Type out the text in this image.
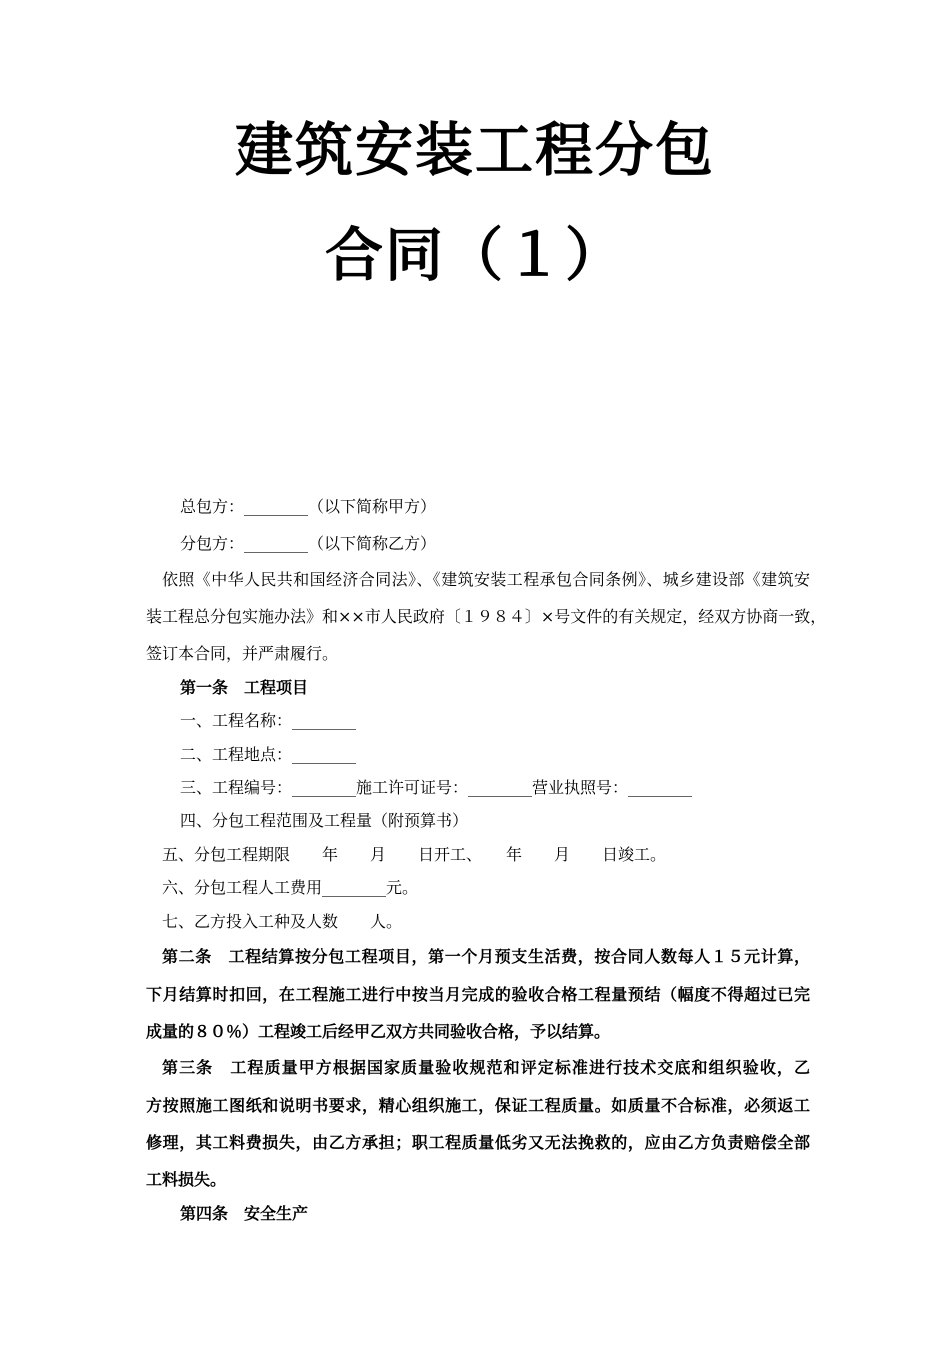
建筑安装工程分包
合同（１）
总包方：________（以下简称甲方）
分包方：________（以下简称乙方）
依照《中华人民共和国经济合同法》、《建筑安装工程承包合同条例》、城乡建设部《建筑安
装工程总分包实施办法》和××市人民政府〔１９８４〕×号文件的有关规定，经双方协商一致，
签订本合同，并严肃履行。
第一条　工程项目
一、工程名称：________
二、工程地点：________
三、工程编号：________施工许可证号：________营业执照号：________
四、分包工程范围及工程量（附预算书）
五、分包工程期限　　年　　月　　日开工、　　年　　月　　日竣工。
六、分包工程人工费用________元。
七、乙方投入工种及人数　　人。
第二条　工程结算按分包工程项目，第一个月预支生活费，按合同人数每人１５元计算，
下月结算时扣回，在工程施工进行中按当月完成的验收合格工程量预结（幅度不得超过已完
成量的８０％）工程竣工后经甲乙双方共同验收合格，予以结算。
第三条　工程质量甲方根据国家质量验收规范和评定标准进行技术交底和组织验收，乙
方按照施工图纸和说明书要求，精心组织施工，保证工程质量。如质量不合标准，必须返工
修理，其工料费损失，由乙方承担；职工程质量低劣又无法挽救的，应由乙方负责赔偿全部
工料损失。
第四条　安全生产
